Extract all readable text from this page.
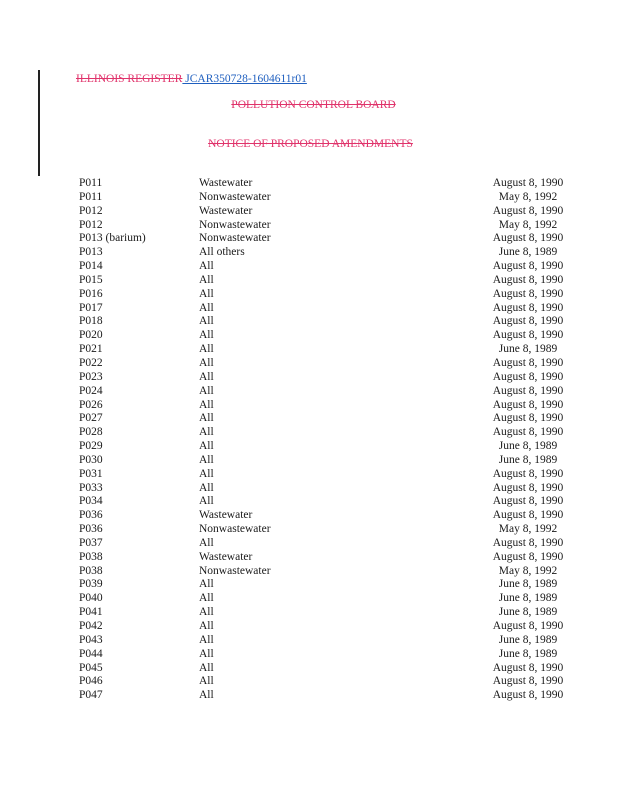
ILLINOIS REGISTER JCAR350728-1604611r01
POLLUTION CONTROL BOARD
NOTICE OF PROPOSED AMENDMENTS
P011	Wastewater	August 8, 1990
P011	Nonwastewater	May 8, 1992
P012	Wastewater	August 8, 1990
P012	Nonwastewater	May 8, 1992
P013 (barium)	Nonwastewater	August 8, 1990
P013	All others	June 8, 1989
P014	All	August 8, 1990
P015	All	August 8, 1990
P016	All	August 8, 1990
P017	All	August 8, 1990
P018	All	August 8, 1990
P020	All	August 8, 1990
P021	All	June 8, 1989
P022	All	August 8, 1990
P023	All	August 8, 1990
P024	All	August 8, 1990
P026	All	August 8, 1990
P027	All	August 8, 1990
P028	All	August 8, 1990
P029	All	June 8, 1989
P030	All	June 8, 1989
P031	All	August 8, 1990
P033	All	August 8, 1990
P034	All	August 8, 1990
P036	Wastewater	August 8, 1990
P036	Nonwastewater	May 8, 1992
P037	All	August 8, 1990
P038	Wastewater	August 8, 1990
P038	Nonwastewater	May 8, 1992
P039	All	June 8, 1989
P040	All	June 8, 1989
P041	All	June 8, 1989
P042	All	August 8, 1990
P043	All	June 8, 1989
P044	All	June 8, 1989
P045	All	August 8, 1990
P046	All	August 8, 1990
P047	All	August 8, 1990
